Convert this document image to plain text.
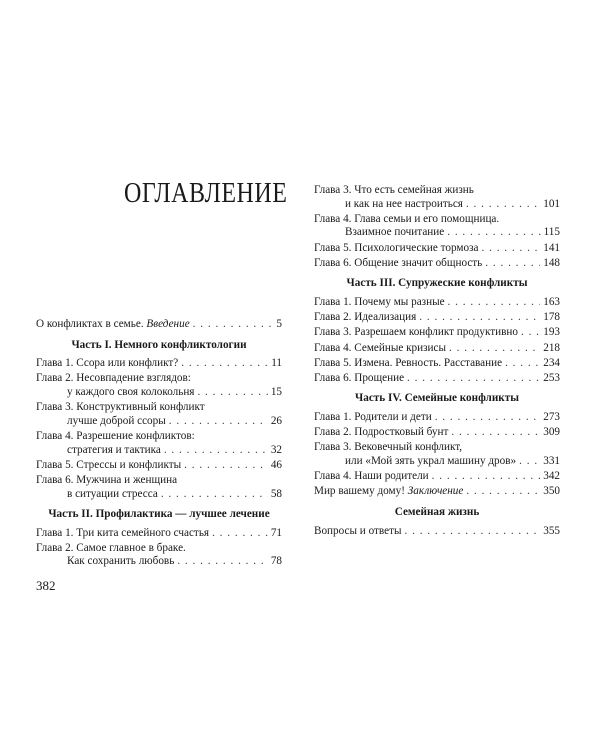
ОГЛАВЛЕНИЕ
О конфликтах в семье. Введение . . .	5
Часть I. Немного конфликтологии
Глава 1. Ссора или конфликт? . . .	11
Глава 2. Несовпадение взглядов:
у каждого своя колокольня . . .	15
Глава 3. Конструктивный конфликт
лучше доброй ссоры . . .	26
Глава 4. Разрешение конфликтов:
стратегия и тактика . . .	32
Глава 5. Стрессы и конфликты . . .	46
Глава 6. Мужчина и женщина
в ситуации стресса . . .	58
Часть II. Профилактика — лучшее лечение
Глава 1. Три кита семейного счастья . . .	71
Глава 2. Самое главное в браке.
Как сохранить любовь . . .	78
Глава 3. Что есть семейная жизнь
и как на нее настроиться . . .	101
Глава 4. Глава семьи и его помощница.
Взаимное почитание . . .	115
Глава 5. Психологические тормоза . . .	141
Глава 6. Общение значит общность . . .	148
Часть III. Супружеские конфликты
Глава 1. Почему мы разные . . .	163
Глава 2. Идеализация . . .	178
Глава 3. Разрешаем конфликт продуктивно . . . 193
Глава 4. Семейные кризисы . . .	218
Глава 5. Измена. Ревность. Расставание . . .	234
Глава 6. Прощение . . .	253
Часть IV. Семейные конфликты
Глава 1. Родители и дети . . .	273
Глава 2. Подростковый бунт . . .	309
Глава 3. Вековечный конфликт,
или «Мой зять украл машину дров» . . . 331
Глава 4. Наши родители . . .	342
Мир вашему дому! Заключение . . .	350
Семейная жизнь
Вопросы и ответы . . .	355
382
